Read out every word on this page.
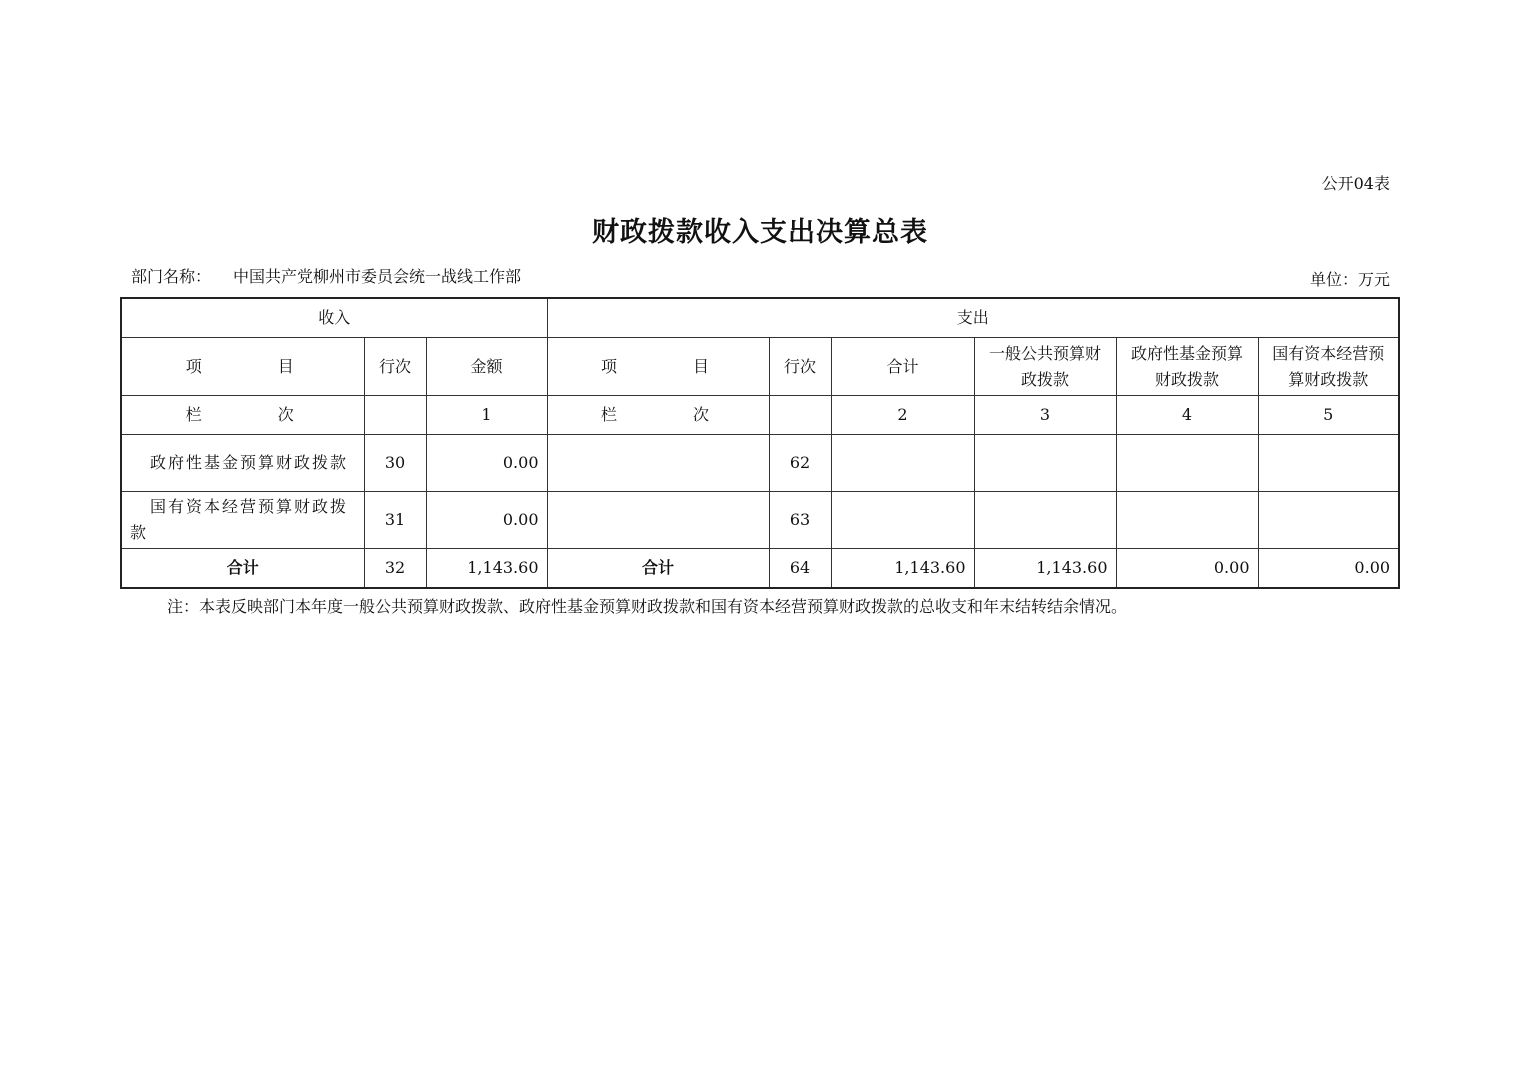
公开04表
财政拨款收入支出决算总表
部门名称： 中国共产党柳州市委员会统一战线工作部	单位：万元
收入			支出					
项　目	行次	金额	项　目	行次	合计	一般公共预算财政拨款	政府性基金预算财政拨款	国有资本经营预算财政拨款
栏　次		1	栏　次		2	3	4	5
政府性基金预算财政拨款	30	0.00		62				
国有资本经营预算财政拨款	31	0.00		63				
合计	32	1,143.60	合计	64	1,143.60	1,143.60	0.00	0.00
注：本表反映部门本年度一般公共预算财政拨款、政府性基金预算财政拨款和国有资本经营预算财政拨款的总收支和年末结转结余情况。
